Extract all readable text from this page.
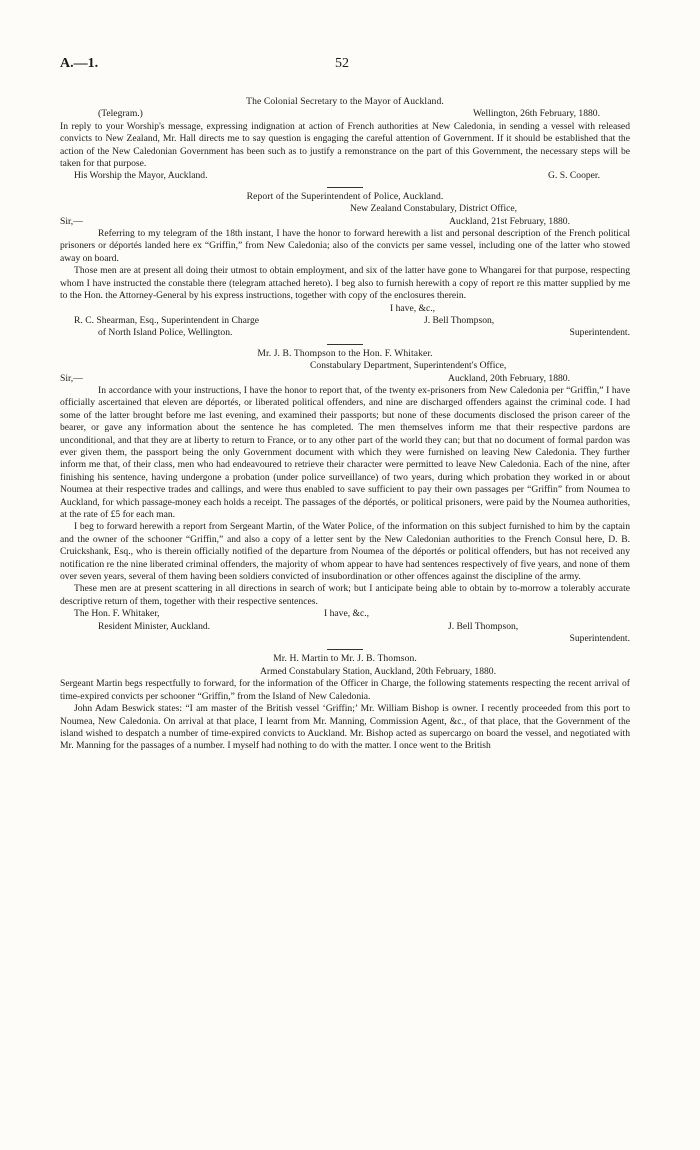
A.—1.	52

The Colonial Secretary to the Mayor of Auckland.

(Telegram.)	Wellington, 26th February, 1880.

In reply to your Worship's message, expressing indignation at action of French authorities at New Caledonia, in sending a vessel with released convicts to New Zealand, Mr. Hall directs me to say question is engaging the careful attention of Government. If it should be established that the action of the New Caledonian Government has been such as to justify a remonstrance on the part of this Government, the necessary steps will be taken for that purpose.

His Worship the Mayor, Auckland.	G. S. Cooper.

Report of the Superintendent of Police, Auckland.

New Zealand Constabulary, District Office,

Sir,—	Auckland, 21st February, 1880.

Referring to my telegram of the 18th instant, I have the honor to forward herewith a list and personal description of the French political prisoners or déportés landed here ex “Griffin,” from New Caledonia; also of the convicts per same vessel, including one of the latter who stowed away on board.

Those men are at present all doing their utmost to obtain employment, and six of the latter have gone to Whangarei for that purpose, respecting whom I have instructed the constable there (telegram attached hereto). I beg also to furnish herewith a copy of report re this matter supplied by me to the Hon. the Attorney-General by his express instructions, together with copy of the enclosures therein.

I have, &c.,
R. C. Shearman, Esq., Superintendent in Charge	J. Bell Thompson,
of North Island Police, Wellington.	Superintendent.

Mr. J. B. Thompson to the Hon. F. Whitaker.

Constabulary Department, Superintendent's Office,

Sir,—	Auckland, 20th February, 1880.

In accordance with your instructions, I have the honor to report that, of the twenty ex-prisoners from New Caledonia per “Griffin,” I have officially ascertained that eleven are déportés, or liberated political offenders, and nine are discharged offenders against the criminal code. I had some of the latter brought before me last evening, and examined their passports; but none of these documents disclosed the prison career of the bearer, or gave any information about the sentence he has completed. The men themselves inform me that their respective pardons are unconditional, and that they are at liberty to return to France, or to any other part of the world they can; but that no document of formal pardon was ever given them, the passport being the only Government document with which they were furnished on leaving New Caledonia. They further inform me that, of their class, men who had endeavoured to retrieve their character were permitted to leave New Caledonia. Each of the nine, after finishing his sentence, having undergone a probation (under police surveillance) of two years, during which probation they worked in or about Noumea at their respective trades and callings, and were thus enabled to save sufficient to pay their own passages per “Griffin” from Noumea to Auckland, for which passage-money each holds a receipt. The passages of the déportés, or political prisoners, were paid by the Noumea authorities, at the rate of £5 for each man.

I beg to forward herewith a report from Sergeant Martin, of the Water Police, of the information on this subject furnished to him by the captain and the owner of the schooner “Griffin,” and also a copy of a letter sent by the New Caledonian authorities to the French Consul here, D. B. Cruickshank, Esq., who is therein officially notified of the departure from Noumea of the déportés or political offenders, but has not received any notification re the nine liberated criminal offenders, the majority of whom appear to have had sentences respectively of five years, and none of them over seven years, several of them having been soldiers convicted of insubordination or other offences against the discipline of the army.

These men are at present scattering in all directions in search of work; but I anticipate being able to obtain by to-morrow a tolerably accurate descriptive return of them, together with their respective sentences.

The Hon. F. Whitaker,	I have, &c.,
Resident Minister, Auckland.	J. Bell Thompson,
Superintendent.

Mr. H. Martin to Mr. J. B. Thomson.

Armed Constabulary Station, Auckland, 20th February, 1880.

Sergeant Martin begs respectfully to forward, for the information of the Officer in Charge, the following statements respecting the recent arrival of time-expired convicts per schooner “Griffin,” from the Island of New Caledonia.

John Adam Beswick states: “I am master of the British vessel ‘Griffin;’ Mr. William Bishop is owner. I recently proceeded from this port to Noumea, New Caledonia. On arrival at that place, I learnt from Mr. Manning, Commission Agent, &c., of that place, that the Government of the island wished to despatch a number of time-expired convicts to Auckland. Mr. Bishop acted as supercargo on board the vessel, and negotiated with Mr. Manning for the passages of a number. I myself had nothing to do with the matter. I once went to the British
